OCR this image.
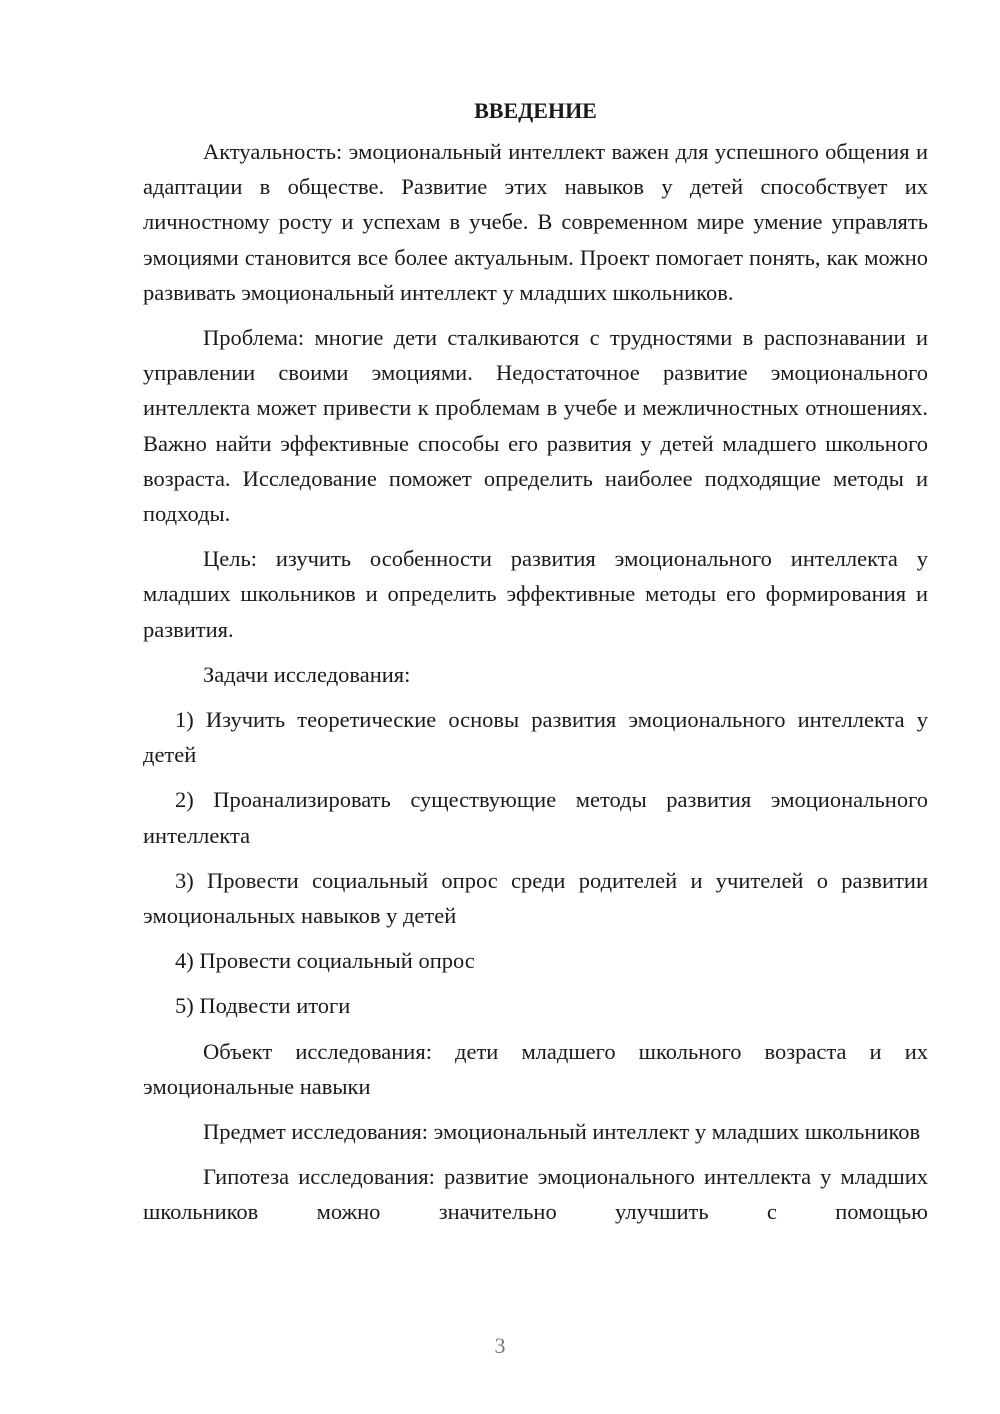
ВВЕДЕНИЕ

Актуальность: эмоциональный интеллект важен для успешного общения и адаптации в обществе. Развитие этих навыков у детей способствует их личностному росту и успехам в учебе. В современном мире умение управлять эмоциями становится все более актуальным. Проект помогает понять, как можно развивать эмоциональный интеллект у младших школьников.

Проблема: многие дети сталкиваются с трудностями в распознавании и управлении своими эмоциями. Недостаточное развитие эмоционального интеллекта может привести к проблемам в учебе и межличностных отношениях. Важно найти эффективные способы его развития у детей младшего школьного возраста. Исследование поможет определить наиболее подходящие методы и подходы.

Цель: изучить особенности развития эмоционального интеллекта у младших школьников и определить эффективные методы его формирования и развития.

Задачи исследования:

1) Изучить теоретические основы развития эмоционального интеллекта у детей

2) Проанализировать существующие методы развития эмоционального интеллекта

3) Провести социальный опрос среди родителей и учителей о развитии эмоциональных навыков у детей

4) Провести социальный опрос

5) Подвести итоги

Объект исследования: дети младшего школьного возраста и их эмоциональные навыки

Предмет исследования: эмоциональный интеллект у младших школьников

Гипотеза исследования: развитие эмоционального интеллекта у младших школьников можно значительно улучшить с помощью

3
